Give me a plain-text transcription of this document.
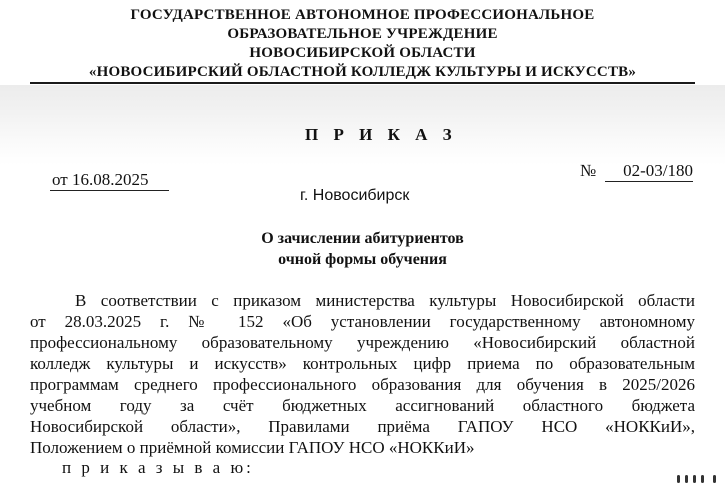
ГОСУДАРСТВЕННОЕ АВТОНОМНОЕ ПРОФЕССИОНАЛЬНОЕ
ОБРАЗОВАТЕЛЬНОЕ УЧРЕЖДЕНИЕ
НОВОСИБИРСКОЙ ОБЛАСТИ
«НОВОСИБИРСКИЙ ОБЛАСТНОЙ КОЛЛЕДЖ КУЛЬТУРЫ И ИСКУССТВ»
П Р И К А З
от 16.08.2025	№	02-03/180
г. Новосибирск
О зачислении абитуриентов
очной формы обучения
В соответствии с приказом министерства культуры Новосибирской области
от 28.03.2025 г. № 152 «Об установлении государственному автономному
профессиональному образовательному учреждению «Новосибирский областной
колледж культуры и искусств» контрольных цифр приема по образовательным
программам среднего профессионального образования для обучения в 2025/2026
учебном году за счёт бюджетных ассигнований областного бюджета
Новосибирской области», Правилами приёма ГАПОУ НСО «НОККиИ»,
Положением о приёмной комиссии ГАПОУ НСО «НОККиИ»
п р и к а з ы в а ю:
